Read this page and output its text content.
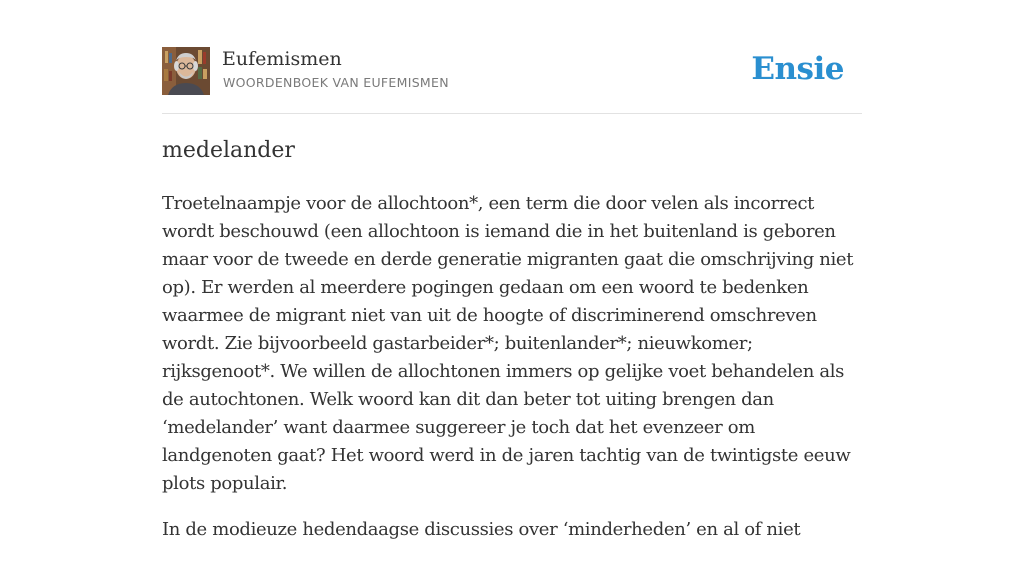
Eufemismen
WOORDENBOEK VAN EUFEMISMEN	Ensie
medelander

Troetelnaampje voor de allochtoon*, een term die door velen als incorrect wordt beschouwd (een allochtoon is iemand die in het buitenland is geboren maar voor de tweede en derde generatie migranten gaat die omschrijving niet op). Er werden al meerdere pogingen gedaan om een woord te bedenken waarmee de migrant niet van uit de hoogte of discriminerend omschreven wordt. Zie bijvoorbeeld gastarbeider*; buitenlander*; nieuwkomer; rijksgenoot*. We willen de allochtonen immers op gelijke voet behandelen als de autochtonen. Welk woord kan dit dan beter tot uiting brengen dan ‘medelander’ want daarmee suggereer je toch dat het evenzeer om landgenoten gaat? Het woord werd in de jaren tachtig van de twintigste eeuw plots populair.

In de modieuze hedendaagse discussies over ‘minderheden’ en al of niet
